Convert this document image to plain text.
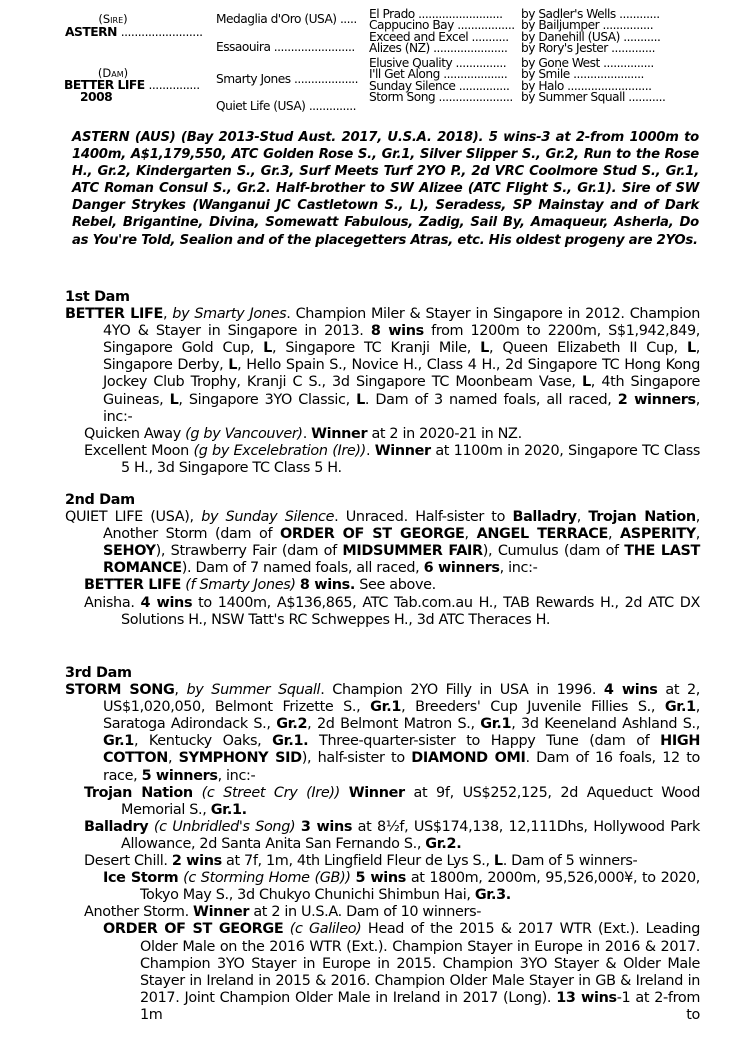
(Sire)
ASTERN ........................
(Dam)
BETTER LIFE ...............
2008
Medaglia d'Oro (USA) .....
Essaouira ........................
Smarty Jones ...................
Quiet Life (USA) ..............
El Prado .........................	by Sadler's Wells ............
Cappucino Bay ................. by Bailjumper ...............
Exceed and Excel ........... by Danehill (USA) ...........
Alizes (NZ) ...................... by Rory's Jester .............
Elusive Quality ............... by Gone West ...............
I'll Get Along ................... by Smile .....................
Sunday Silence ............... by Halo .........................
Storm Song ...................... by Summer Squall ...........
ASTERN (AUS) (Bay 2013-Stud Aust. 2017, U.S.A. 2018). 5 wins-3 at 2-from 1000m to 1400m, A$1,179,550, ATC Golden Rose S., Gr.1, Silver Slipper S., Gr.2, Run to the Rose H., Gr.2, Kindergarten S., Gr.3, Surf Meets Turf 2YO P., 2d VRC Coolmore Stud S., Gr.1, ATC Roman Consul S., Gr.2. Half-brother to SW Alizee (ATC Flight S., Gr.1). Sire of SW Danger Strykes (Wanganui JC Castletown S., L), Seradess, SP Mainstay and of Dark Rebel, Brigantine, Divina, Somewatt Fabulous, Zadig, Sail By, Amaqueur, Asherla, Do as You're Told, Sealion and of the placegetters Atras, etc. His oldest progeny are 2YOs.
1st Dam
BETTER LIFE, by Smarty Jones. Champion Miler & Stayer in Singapore in 2012. Champion 4YO & Stayer in Singapore in 2013. 8 wins from 1200m to 2200m, S$1,942,849, Singapore Gold Cup, L, Singapore TC Kranji Mile, L, Queen Elizabeth II Cup, L, Singapore Derby, L, Hello Spain S., Novice H., Class 4 H., 2d Singapore TC Hong Kong Jockey Club Trophy, Kranji C S., 3d Singapore TC Moonbeam Vase, L, 4th Singapore Guineas, L, Singapore 3YO Classic, L. Dam of 3 named foals, all raced, 2 winners, inc:-
Quicken Away (g by Vancouver). Winner at 2 in 2020-21 in NZ.
Excellent Moon (g by Excelebration (Ire)). Winner at 1100m in 2020, Singapore TC Class 5 H., 3d Singapore TC Class 5 H.
2nd Dam
QUIET LIFE (USA), by Sunday Silence. Unraced. Half-sister to Balladry, Trojan Nation, Another Storm (dam of ORDER OF ST GEORGE, ANGEL TERRACE, ASPERITY, SEHOY), Strawberry Fair (dam of MIDSUMMER FAIR), Cumulus (dam of THE LAST ROMANCE). Dam of 7 named foals, all raced, 6 winners, inc:-
BETTER LIFE (f Smarty Jones) 8 wins. See above.
Anisha. 4 wins to 1400m, A$136,865, ATC Tab.com.au H., TAB Rewards H., 2d ATC DX Solutions H., NSW Tatt's RC Schweppes H., 3d ATC Theraces H.
3rd Dam
STORM SONG, by Summer Squall. Champion 2YO Filly in USA in 1996. 4 wins at 2, US$1,020,050, Belmont Frizette S., Gr.1, Breeders' Cup Juvenile Fillies S., Gr.1, Saratoga Adirondack S., Gr.2, 2d Belmont Matron S., Gr.1, 3d Keeneland Ashland S., Gr.1, Kentucky Oaks, Gr.1. Three-quarter-sister to Happy Tune (dam of HIGH COTTON, SYMPHONY SID), half-sister to DIAMOND OMI. Dam of 16 foals, 12 to race, 5 winners, inc:-
Trojan Nation (c Street Cry (Ire)) Winner at 9f, US$252,125, 2d Aqueduct Wood Memorial S., Gr.1.
Balladry (c Unbridled's Song) 3 wins at 8½f, US$174,138, 12,111Dhs, Hollywood Park Allowance, 2d Santa Anita San Fernando S., Gr.2.
Desert Chill. 2 wins at 7f, 1m, 4th Lingfield Fleur de Lys S., L. Dam of 5 winners-
Ice Storm (c Storming Home (GB)) 5 wins at 1800m, 2000m, 95,526,000¥, to 2020, Tokyo May S., 3d Chukyo Chunichi Shimbun Hai, Gr.3.
Another Storm. Winner at 2 in U.S.A. Dam of 10 winners-
ORDER OF ST GEORGE (c Galileo) Head of the 2015 & 2017 WTR (Ext.). Leading Older Male on the 2016 WTR (Ext.). Champion Stayer in Europe in 2016 & 2017. Champion 3YO Stayer in Europe in 2015. Champion 3YO Stayer & Older Male Stayer in Ireland in 2015 & 2016. Champion Older Male Stayer in GB & Ireland in 2017. Joint Champion Older Male in Ireland in 2017 (Long). 13 wins-1 at 2-from 1m to
